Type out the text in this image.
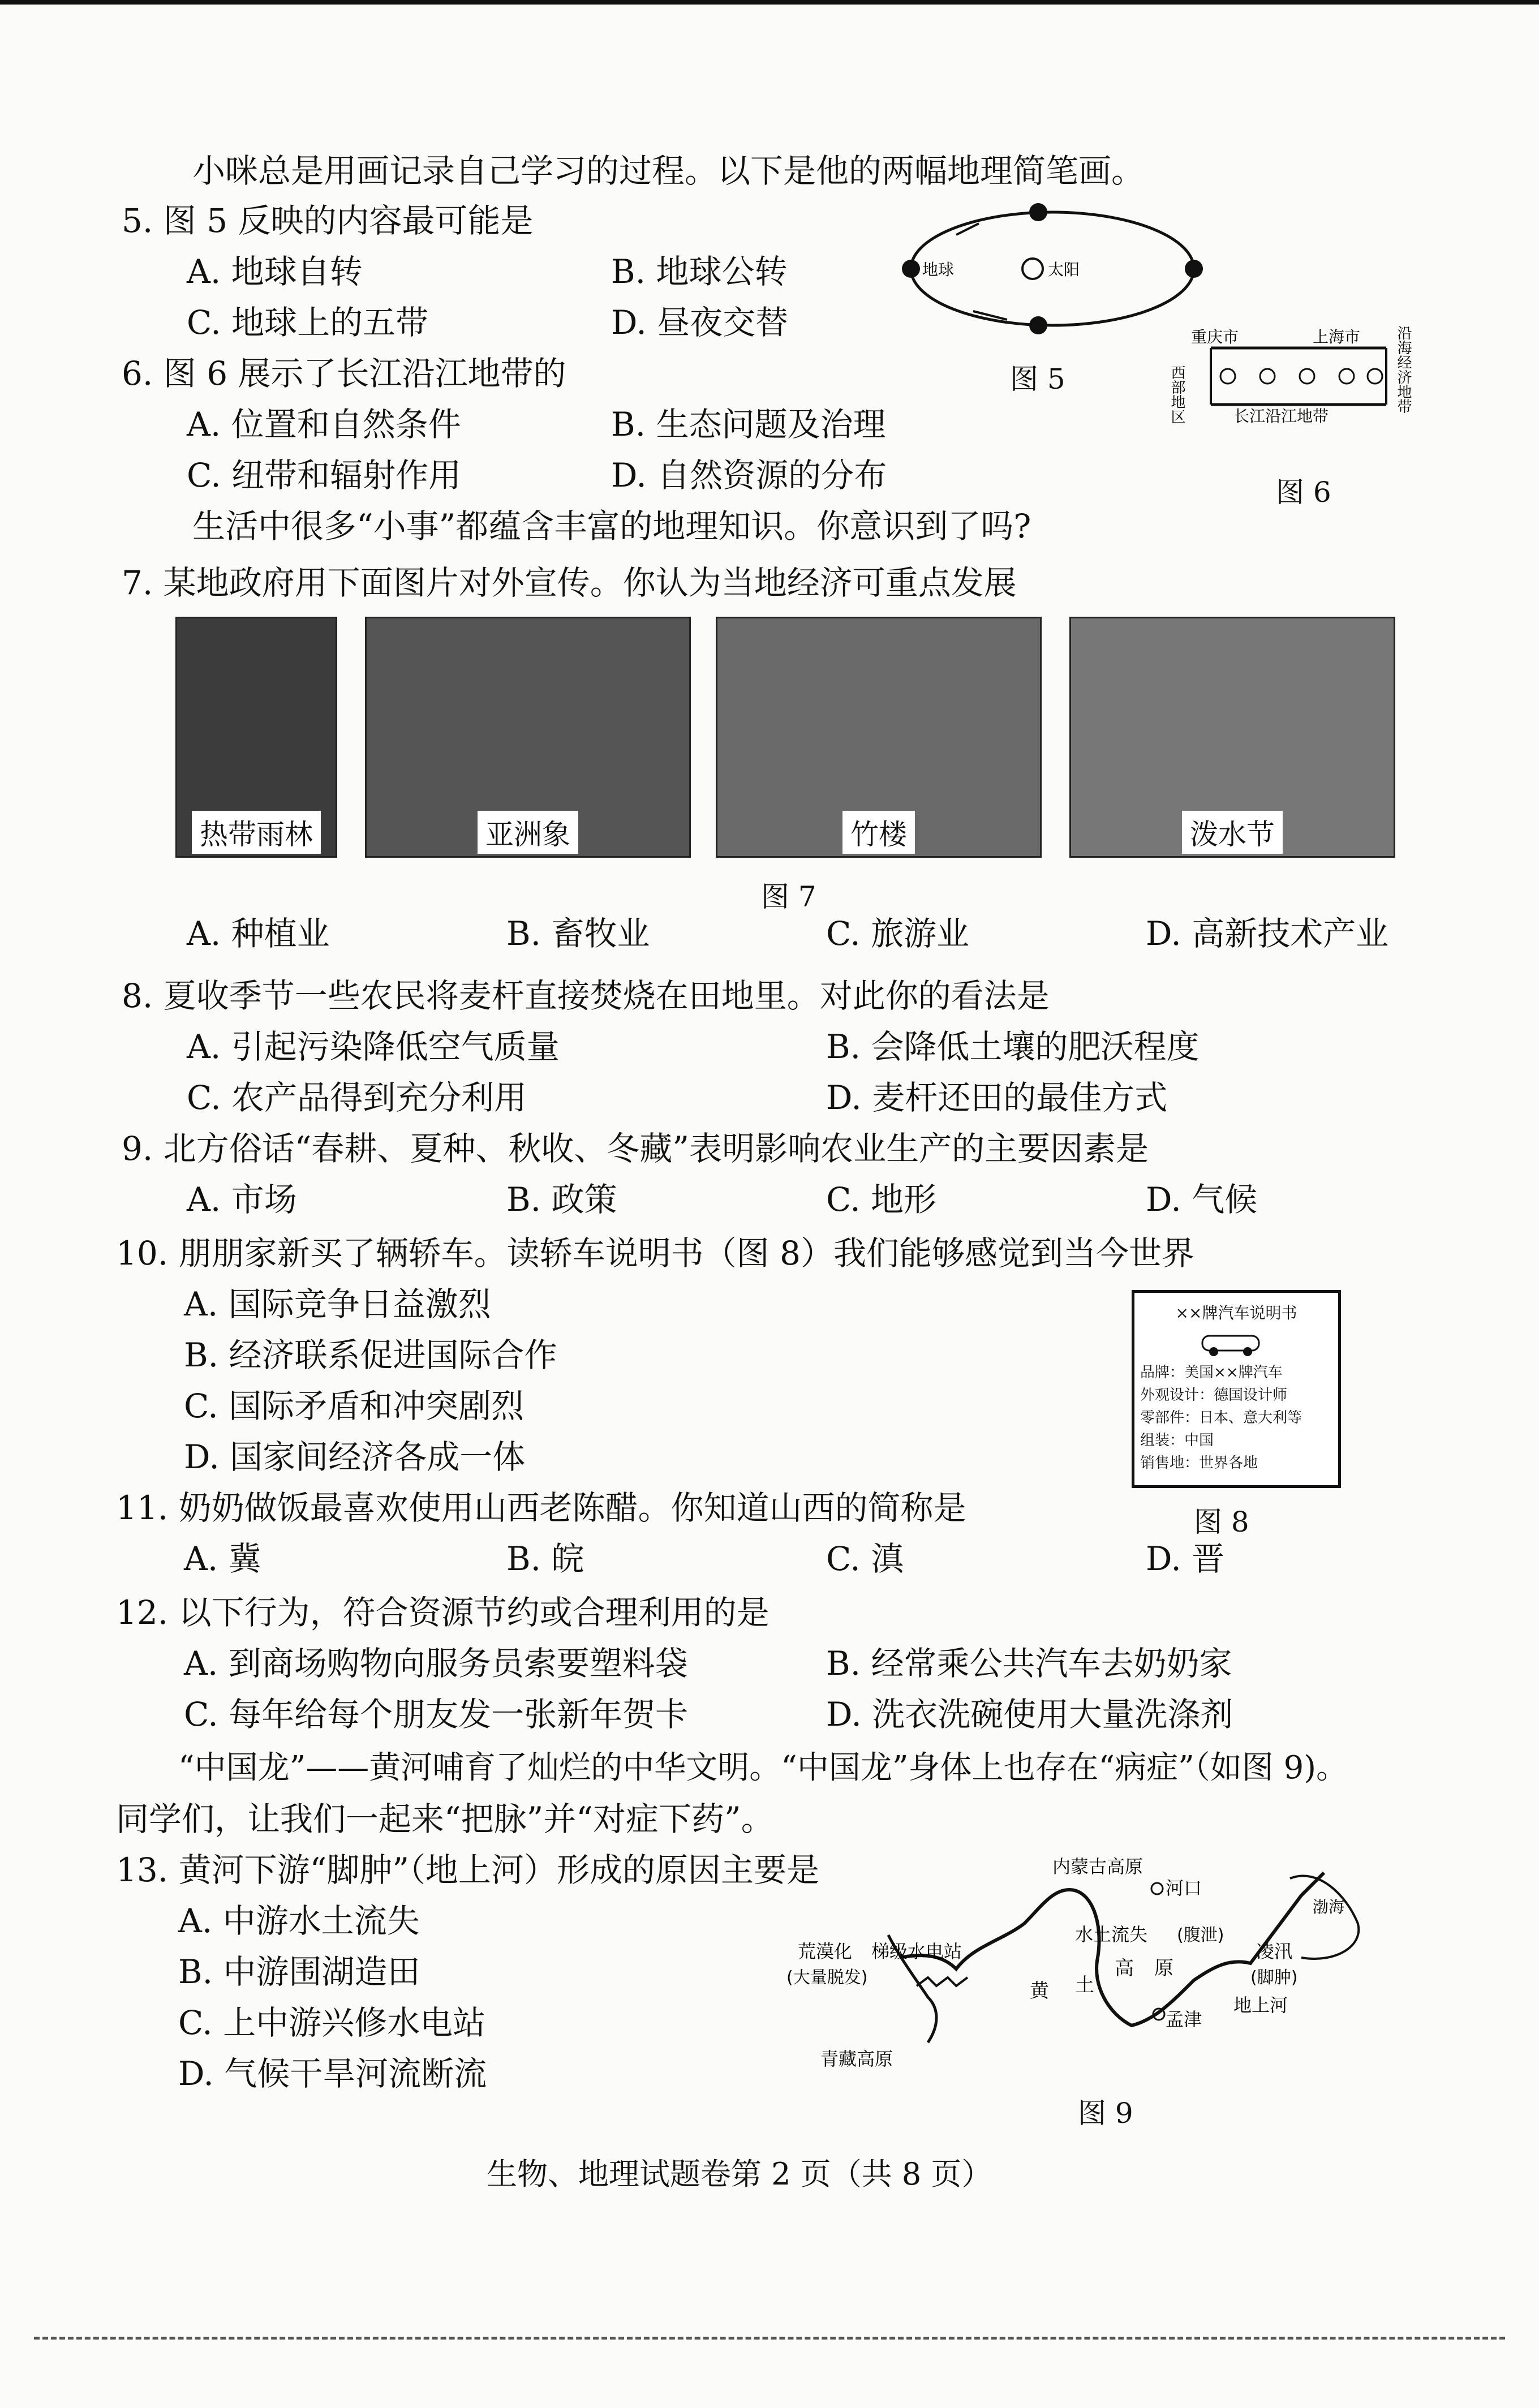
小咪总是用画记录自己学习的过程。以下是他的两幅地理简笔画。
5. 图 5 反映的内容最可能是
A. 地球自转	B. 地球公转
C. 地球上的五带	D. 昼夜交替
地球	太阳
图 5
6. 图 6 展示了长江沿江地带的
A. 位置和自然条件	B. 生态问题及治理
C. 纽带和辐射作用	D. 自然资源的分布
重庆市	上海市
长江沿江地带
西部地区	沿海经济地带
图 6
生活中很多“小事”都蕴含丰富的地理知识。你意识到了吗?
7. 某地政府用下面图片对外宣传。你认为当地经济可重点发展
热带雨林	亚洲象	竹楼	泼水节
图 7
A. 种植业	B. 畜牧业	C. 旅游业	D. 高新技术产业
8. 夏收季节一些农民将麦杆直接焚烧在田地里。对此你的看法是
A. 引起污染降低空气质量	B. 会降低土壤的肥沃程度
C. 农产品得到充分利用	D. 麦杆还田的最佳方式
9. 北方俗话“春耕、夏种、秋收、冬藏”表明影响农业生产的主要因素是
A. 市场	B. 政策	C. 地形	D. 气候
10. 朋朋家新买了辆轿车。读轿车说明书（图 8）我们能够感觉到当今世界
A. 国际竞争日益激烈
B. 经济联系促进国际合作
C. 国际矛盾和冲突剧烈
D. 国家间经济各成一体
××牌汽车说明书
品牌：美国××牌汽车
外观设计：德国设计师
零部件：日本、意大利等
组装：中国
销售地：世界各地
图 8
11. 奶奶做饭最喜欢使用山西老陈醋。你知道山西的简称是
A. 冀	B. 皖	C. 滇	D. 晋
12. 以下行为，符合资源节约或合理利用的是
A. 到商场购物向服务员索要塑料袋	B. 经常乘公共汽车去奶奶家
C. 每年给每个朋友发一张新年贺卡	D. 洗衣洗碗使用大量洗涤剂
“中国龙”——黄河哺育了灿烂的中华文明。“中国龙”身体上也存在“病症”（如图 9)。
同学们，让我们一起来“把脉”并“对症下药”。
13. 黄河下游“脚肿”（地上河）形成的原因主要是
A. 中游水土流失
B. 中游围湖造田
C. 上中游兴修水电站
D. 气候干旱河流断流
内蒙古高原
河口
渤海
荒漠化
(大量脱发)
梯级水电站
水土流失 (腹泄)
黄 土
高 原
凌汛
(脚肿)
孟津
地上河
青藏高原
图 9
生物、地理试题卷第 2 页（共 8 页）
